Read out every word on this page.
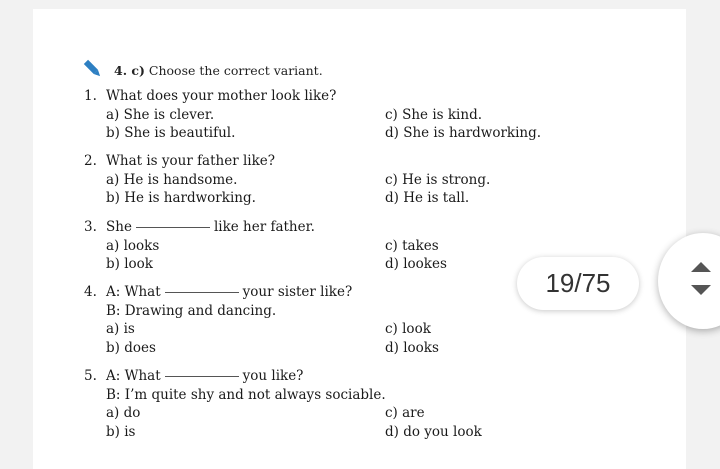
4. c) Choose the correct variant.
1. What does your mother look like?
a) She is clever.	c) She is kind.
b) She is beautiful.	d) She is hardworking.
2. What is your father like?
a) He is handsome.	c) He is strong.
b) He is hardworking.	d) He is tall.
3. She	like her father.
a) looks	c) takes
b) look	d) lookes
4. A: What	your sister like?
B: Drawing and dancing.
a) is	c) look
b) does	d) looks
5. A: What	you like?
B: I’m quite shy and not always sociable.
a) do	c) are
b) is	d) do you look
19/75
